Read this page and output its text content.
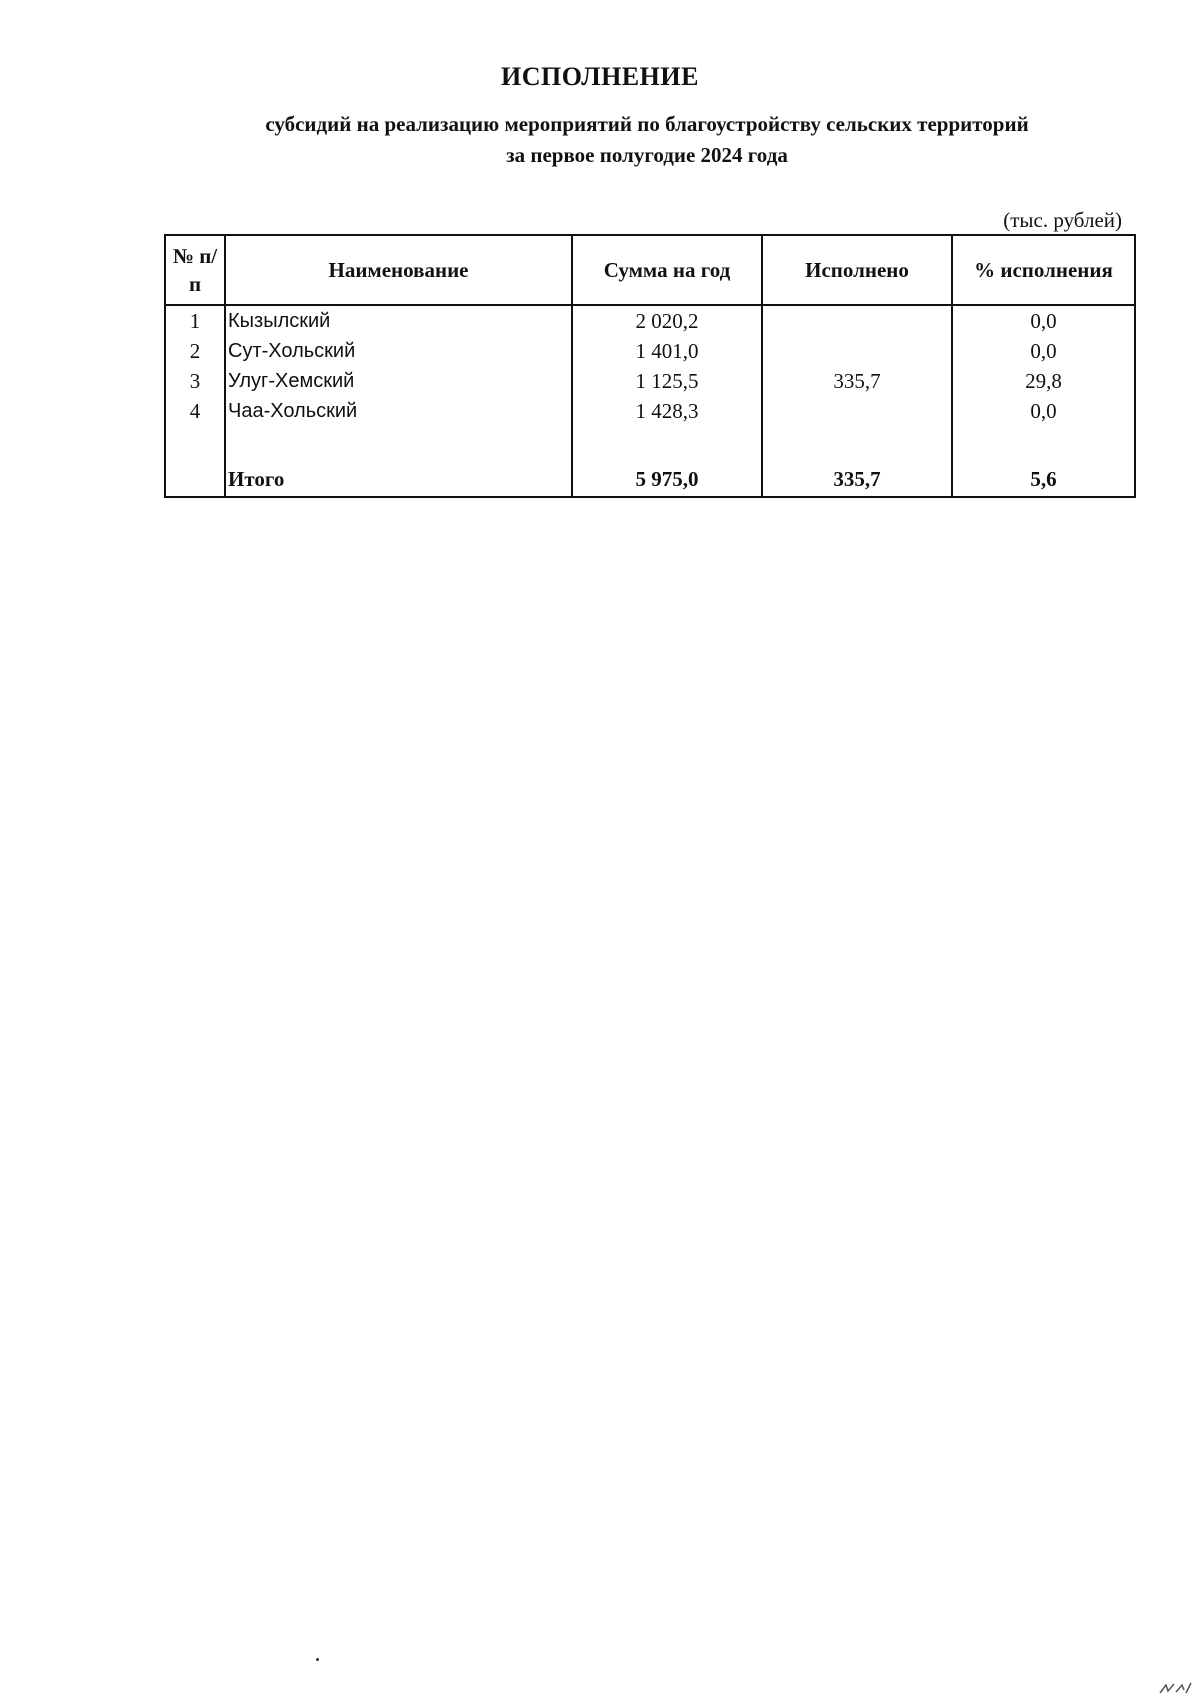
ИСПОЛНЕНИЕ

субсидий на реализацию мероприятий по благоустройству сельских территорий

за первое полугодие 2024 года

(тыс. рублей)
№ п/п	Наименование	Сумма на год	Исполнено	% исполнения
1	Кызылский	2 020,2		0,0
2	Сут-Хольский	1 401,0		0,0
3	Улуг-Хемский	1 125,5	335,7	29,8
4	Чаа-Хольский	1 428,3		0,0

	Итого	5 975,0	335,7	5,6
